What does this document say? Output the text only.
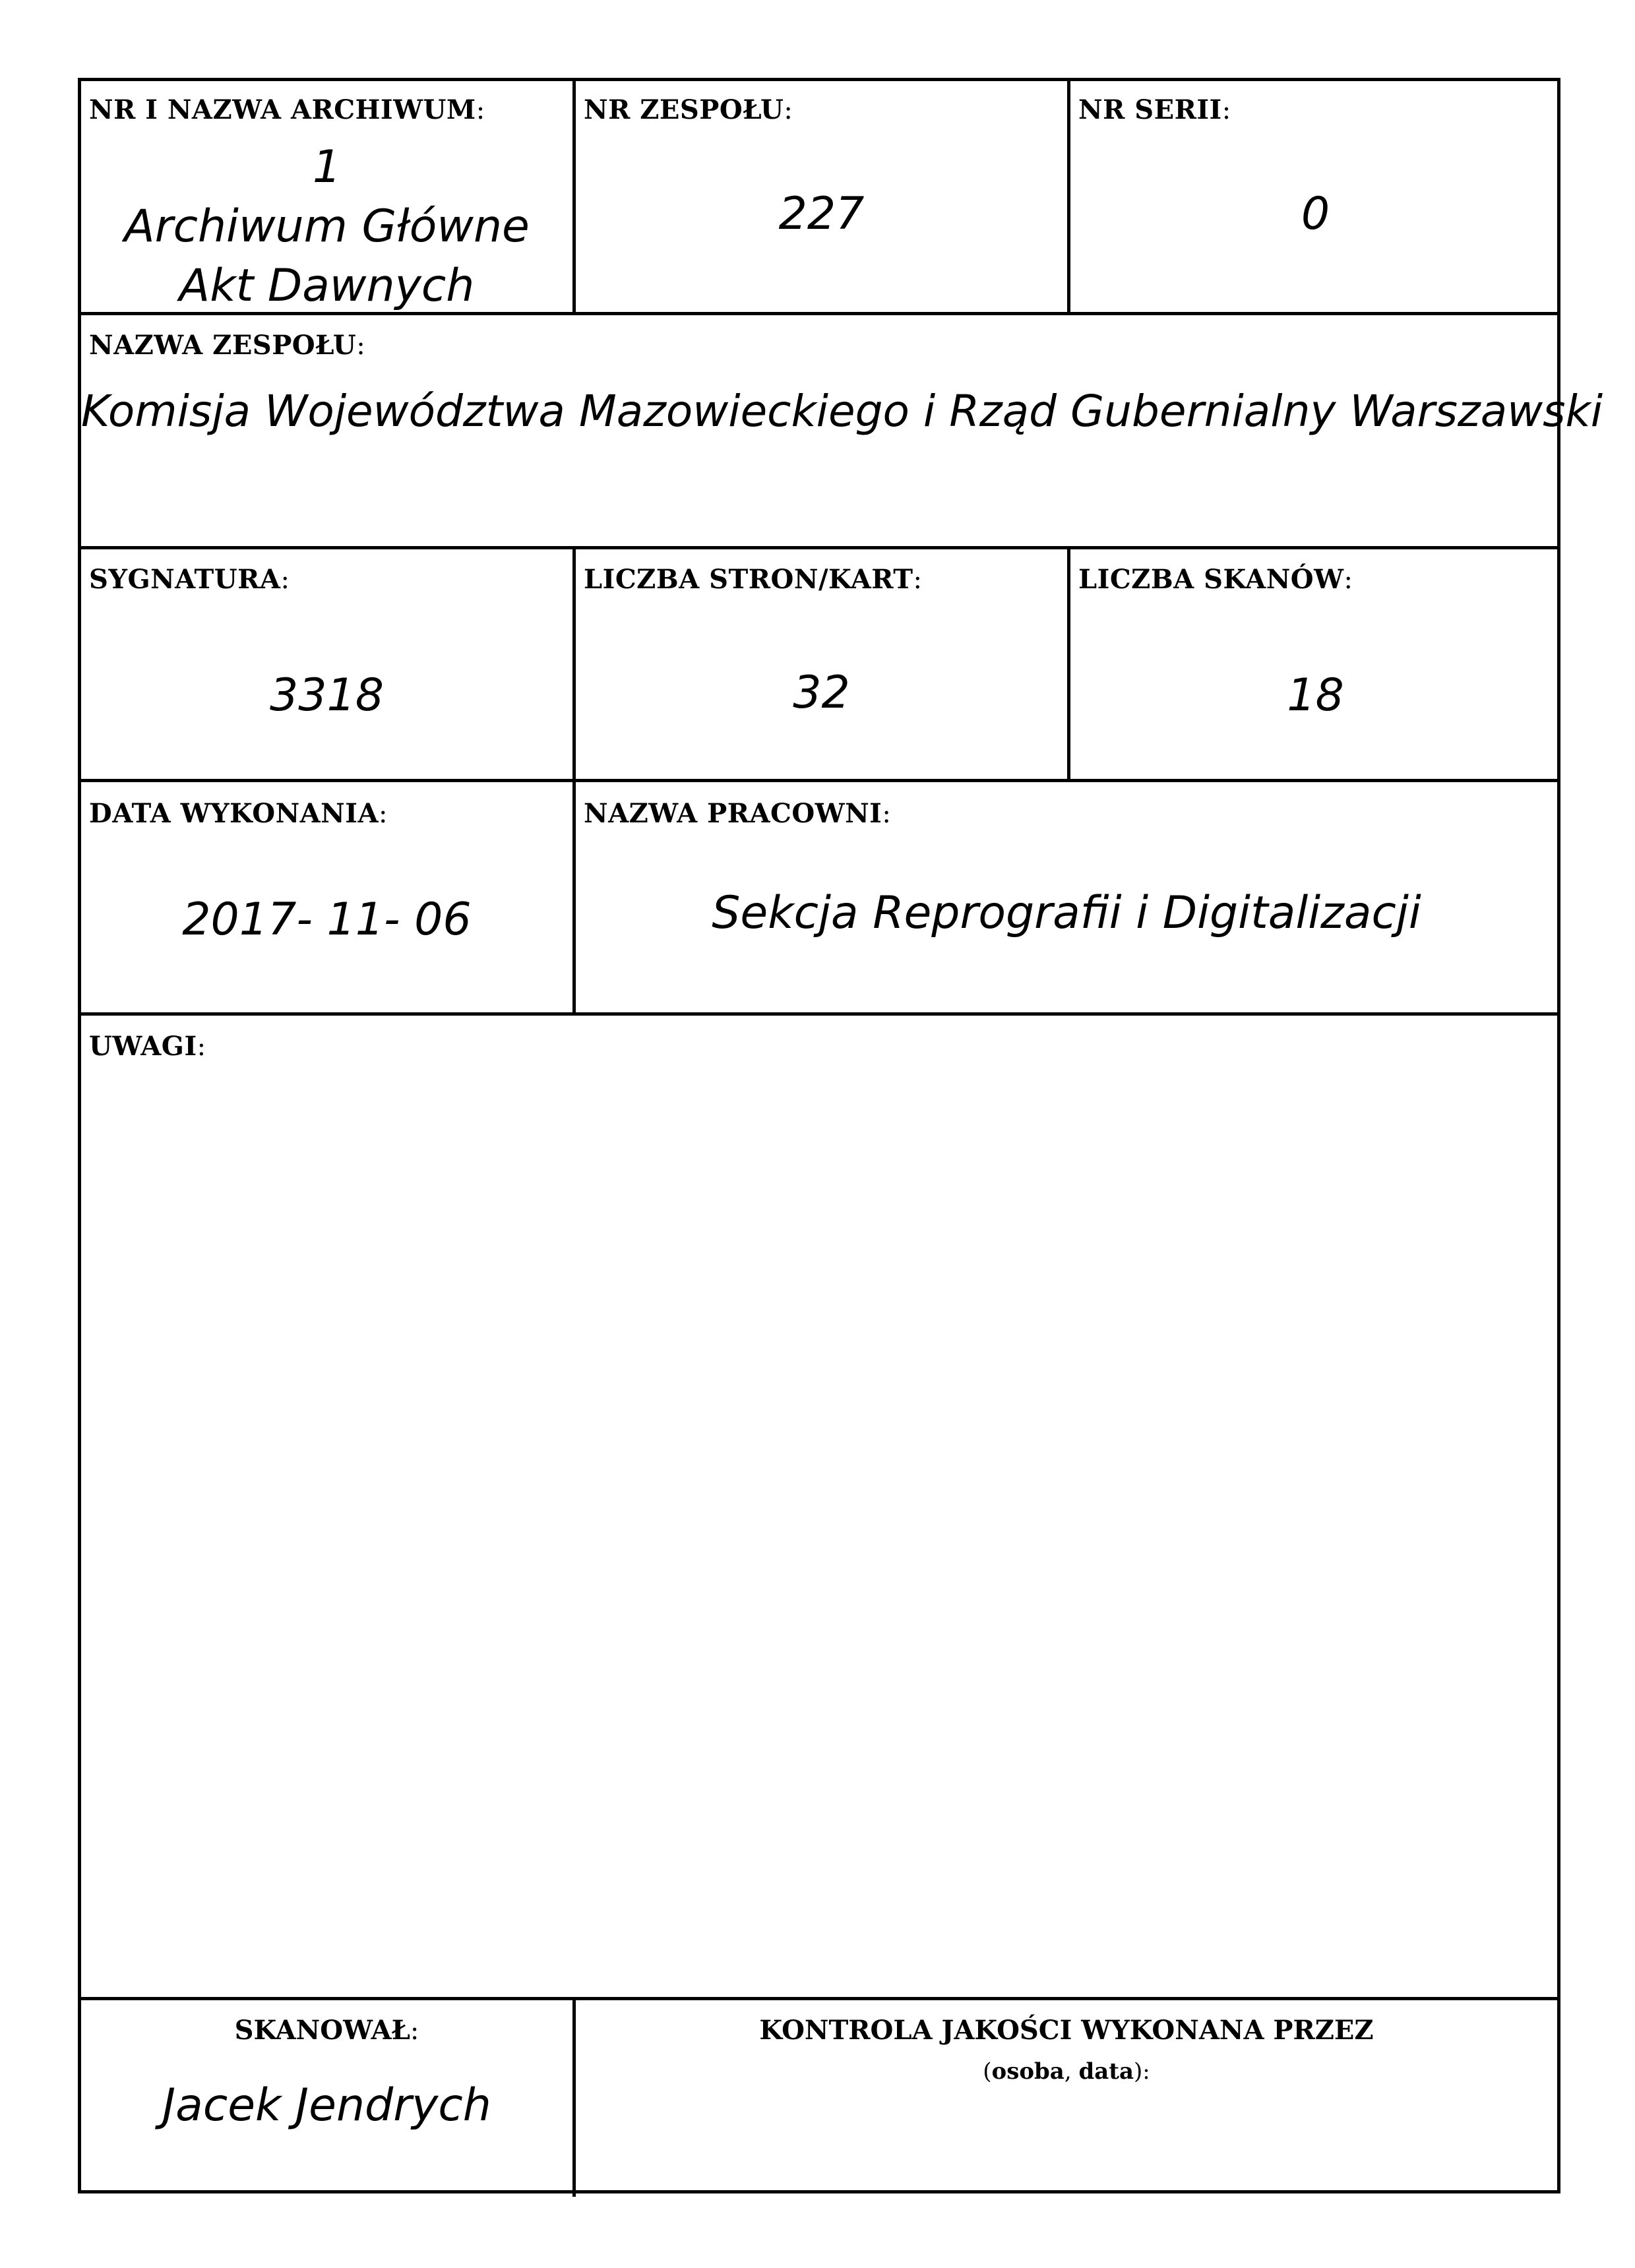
NR I NAZWA ARCHIWUM:
1
Archiwum Główne
Akt Dawnych
NR ZESPOŁU:
227
NR SERII:
0
NAZWA ZESPOŁU:
Komisja Województwa Mazowieckiego i Rząd Gubernialny Warszawski
SYGNATURA:
3318
LICZBA STRON/KART:
32
LICZBA SKANÓW:
18
DATA WYKONANIA:
2017- 11- 06
NAZWA PRACOWNI:
Sekcja Reprografii i Digitalizacji
UWAGI:
SKANOWAŁ:
Jacek Jendrych
KONTROLA JAKOŚCI WYKONANA PRZEZ
(osoba, data):
